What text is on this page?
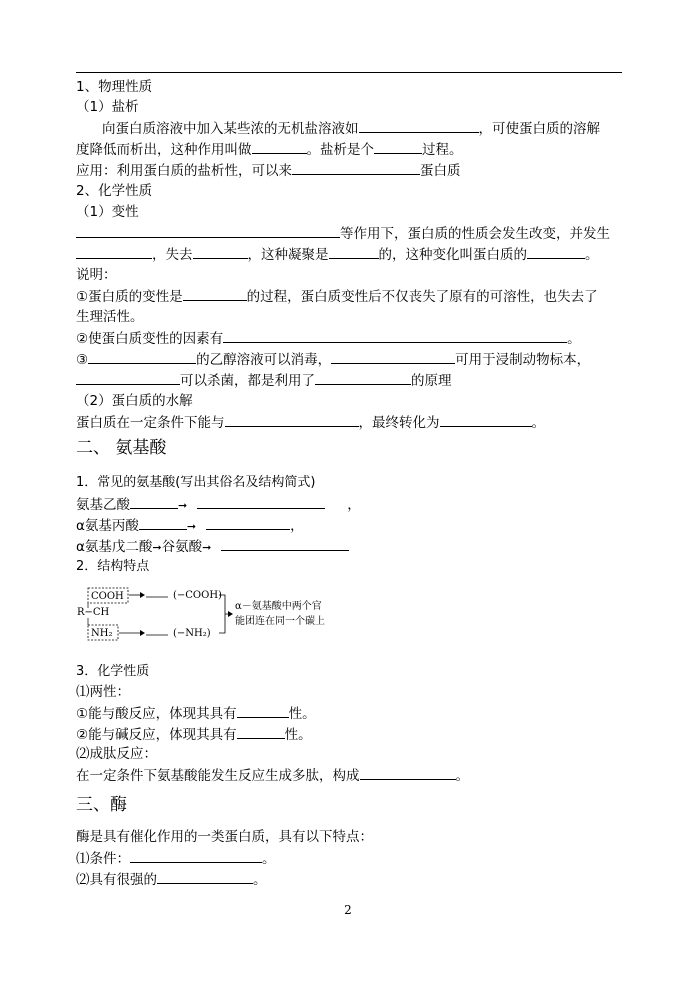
1、物理性质
（1）盐析
向蛋白质溶液中加入某些浓的无机盐溶液如	，可使蛋白质的溶解
度降低而析出，这种作用叫做	。盐析是个	过程。
应用：利用蛋白质的盐析性，可以来	蛋白质
2、化学性质
（1）变性
等作用下，蛋白质的性质会发生改变，并发生
，失去	，这种凝聚是	的，这种变化叫蛋白质的	。
说明：
①蛋白质的变性是	的过程，蛋白质变性后不仅丧失了原有的可溶性，也失去了
生理活性。
②使蛋白质变性的因素有	。
③	的乙醇溶液可以消毒，	可用于浸制动物标本，
可以杀菌，都是利用了	的原理
（2）蛋白质的水解
蛋白质在一定条件下能与	，最终转化为	。
二、 氨基酸
1．常见的氨基酸(写出其俗名及结构简式)
氨基乙酸	➞	，
α氨基丙酸	➞	，
α氨基戊二酸➞谷氨酸➞
2．结构特点
COOH
R−CH
NH₂
(−COOH)
(−NH₂)
α－氨基酸中两个官
能团连在同一个碳上
3．化学性质
⑴两性：
①能与酸反应，体现其具有	性。
②能与碱反应，体现其具有	性。
⑵成肽反应：
在一定条件下氨基酸能发生反应生成多肽，构成	。
三、酶
酶是具有催化作用的一类蛋白质，具有以下特点：
⑴条件：	。
⑵具有很强的	。
2
